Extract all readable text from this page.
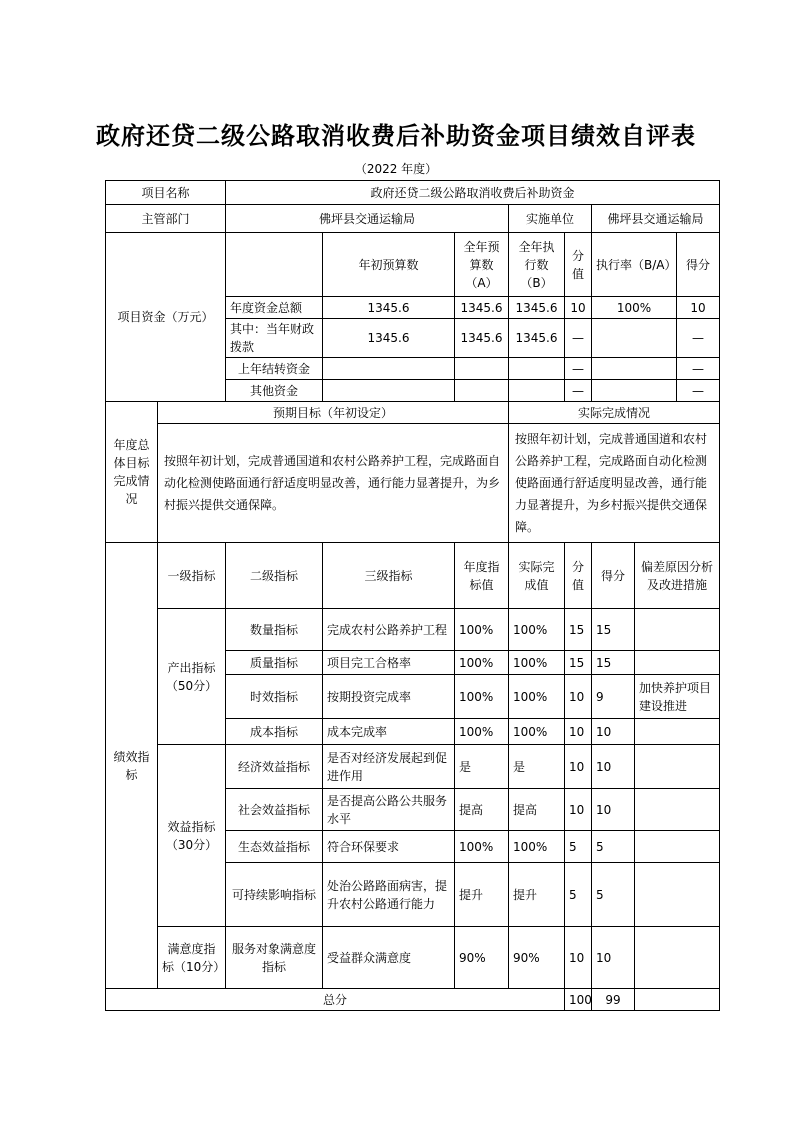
政府还贷二级公路取消收费后补助资金项目绩效自评表
（2022 年度）
项目名称		政府还贷二级公路取消收费后补助资金							
主管部门		佛坪县交通运输局			实施单位		佛坪县交通运输局		
项目资金（万元）			年初预算数	全年预算数（A）	全年执行数（B）	分值	执行率（B/A）		得分
		年度资金总额	1345.6	1345.6	1345.6	10	100%		10
		其中：当年财政拨款	1345.6	1345.6	1345.6	—			—
		上年结转资金				—			—
		其他资金				—			—
年度总体目标完成情况	预期目标（年初设定）				实际完成情况				
	按照年初计划，完成普通国道和农村公路养护工程，完成路面自动化检测使路面通行舒适度明显改善，通行能力显著提升，为乡村振兴提供交通保障。				按照年初计划，完成普通国道和农村公路养护工程，完成路面自动化检测使路面通行舒适度明显改善，通行能力显著提升，为乡村振兴提供交通保障。				
绩效指标	一级指标	二级指标	三级指标	年度指标值	实际完成值	分值	得分	偏差原因分析及改进措施	
	产出指标（50分）	数量指标	完成农村公路养护工程	100%	100%	15	15		
		质量指标	项目完工合格率	100%	100%	15	15		
		时效指标	按期投资完成率	100%	100%	10	9	加快养护项目建设推进	
		成本指标	成本完成率	100%	100%	10	10		
	效益指标（30分）	经济效益指标	是否对经济发展起到促进作用	是	是	10	10		
		社会效益指标	是否提高公路公共服务水平	提高	提高	10	10		
		生态效益指标	符合环保要求	100%	100%	5	5		
		可持续影响指标	处治公路路面病害，提升农村公路通行能力	提升	提升	5	5		
	满意度指标（10分）	服务对象满意度指标	受益群众满意度	90%	90%	10	10		
总分						100	99		
